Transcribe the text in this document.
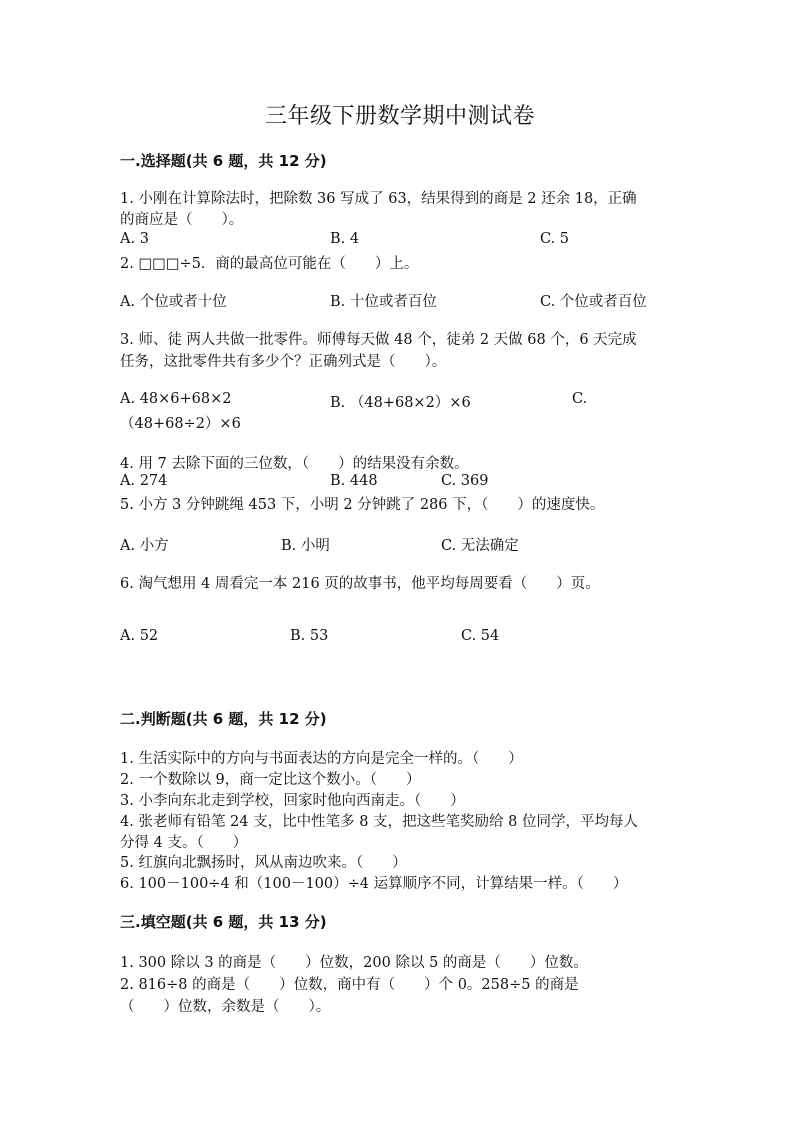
三年级下册数学期中测试卷
一.选择题(共 6 题，共 12 分)
1. 小刚在计算除法时，把除数 36 写成了 63，结果得到的商是 2 还余 18，正确
的商应是（　　）。
A. 3	B. 4	C. 5
2. □□□÷5．商的最高位可能在（　　）上。
A. 个位或者十位	B. 十位或者百位	C. 个位或者百位
3. 师、徒 两人共做一批零件。师傅每天做 48 个，徒弟 2 天做 68 个，6 天完成
任务，这批零件共有多少个？正确列式是（　　）。
A. 48×6+68×2	B. （48+68×2）×6	C.
（48+68÷2）×6
4. 用 7 去除下面的三位数，（　　）的结果没有余数。
A. 274	B. 448	C. 369
5. 小方 3 分钟跳绳 453 下，小明 2 分钟跳了 286 下，（　　）的速度快。
A. 小方	B. 小明	C. 无法确定
6. 淘气想用 4 周看完一本 216 页的故事书，他平均每周要看（　　）页。
A. 52	B. 53	C. 54
二.判断题(共 6 题，共 12 分)
1. 生活实际中的方向与书面表达的方向是完全一样的。（　　）
2. 一个数除以 9，商一定比这个数小。（　　）
3. 小李向东北走到学校，回家时他向西南走。（　　）
4. 张老师有铅笔 24 支，比中性笔多 8 支，把这些笔奖励给 8 位同学，平均每人
分得 4 支。（　　）
5. 红旗向北飘扬时，风从南边吹来。（　　）
6. 100－100÷4 和（100－100）÷4 运算顺序不同，计算结果一样。（　　）
三.填空题(共 6 题，共 13 分)
1. 300 除以 3 的商是（　　）位数，200 除以 5 的商是（　　）位数。
2. 816÷8 的商是（　　）位数，商中有（　　）个 0。258÷5 的商是
（　　）位数，余数是（　　）。
